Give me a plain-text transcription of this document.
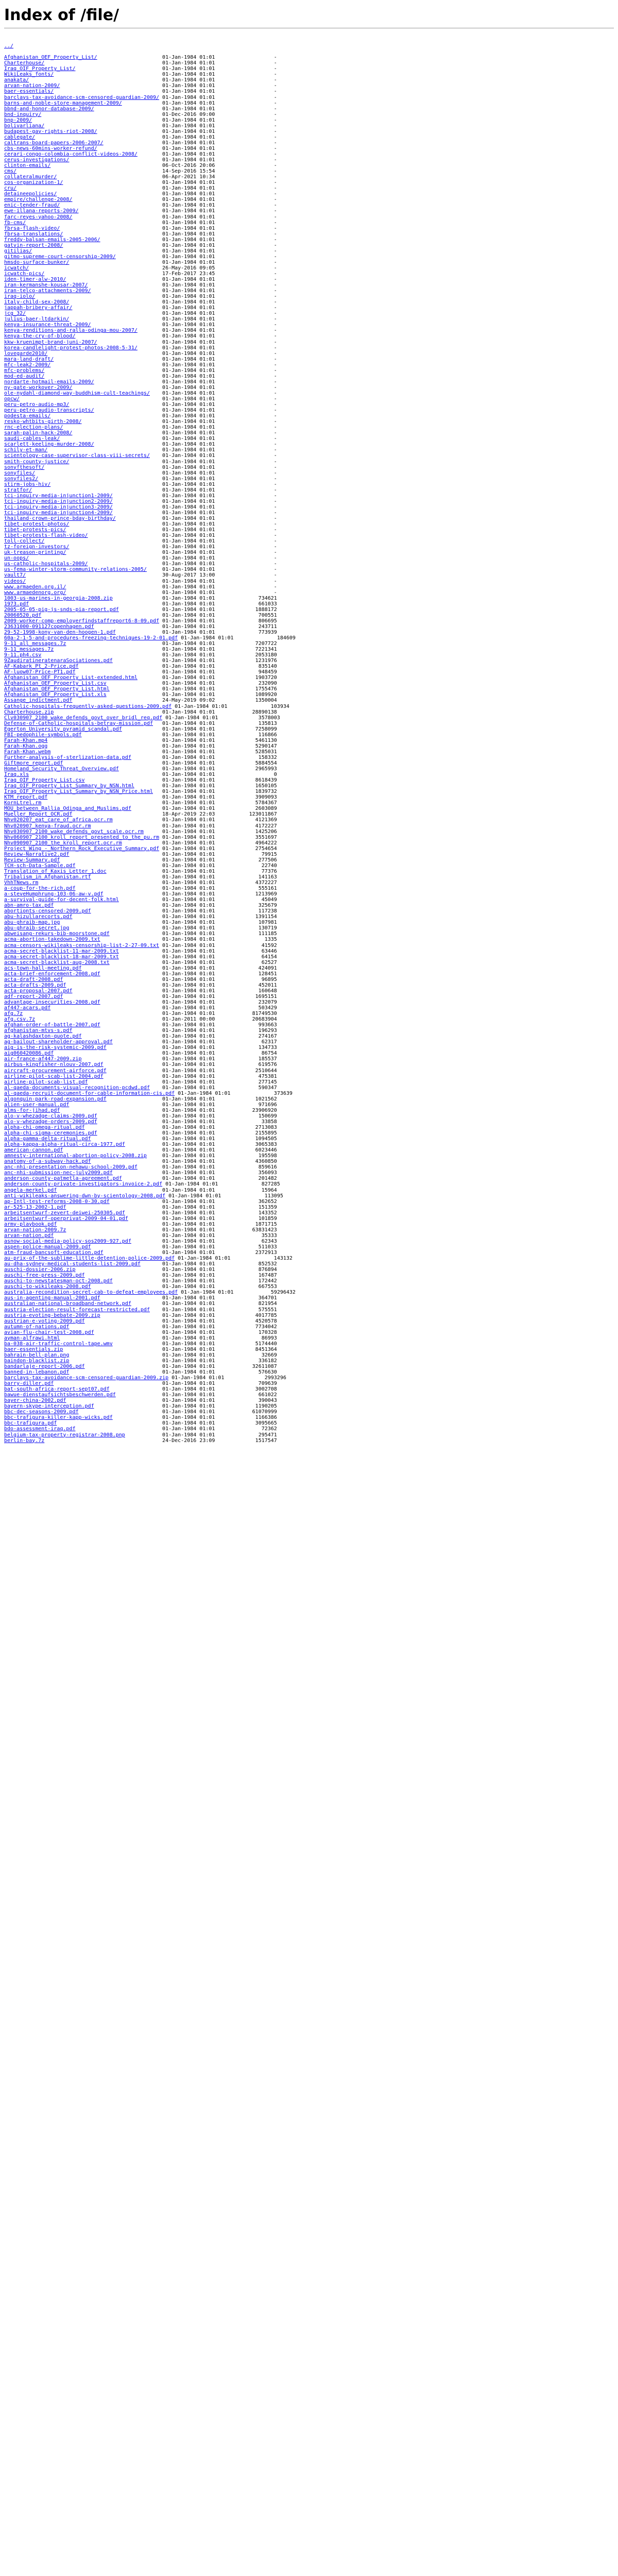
Index of /file/

../

Afghanistan_OEF_Property_List/                     01-Jan-1984 01:01                   -
Charterhouse/                                      01-Jan-1984 01:01                   -
Iraq_OIF_Property_List/                            01-Jan-1984 01:01                   -
WikiLeaks_fonts/                                   01-Jan-1984 01:01                   -
anakata/                                           01-Jan-1984 01:01                   -
arvan-nation-2009/                                 01-Jan-1984 01:01                   -
baer-essentials/                                   01-Jan-1984 01:01                   -
barclays-tax-avoidance-scm-censored-guardian-2009/ 01-Jan-1984 01:01                   -
barns-and-noble-store-management-2009/             01-Jan-1984 01:01                   -
bbnd-and-honor-database-2009/                      01-Jan-1984 01:01                   -
bnd-inquiry/                                       01-Dec-2016 09:00                   -
bnp-2009/                                          01-Jan-1984 01:01                   -
bolivarliana/                                      01-Jan-1984 01:01                   -
budapest-gay-rights-riot-2008/                     01-Jan-1984 01:01                   -
cablegate/                                         01-Jan-1984 01:01                   -
caltrans-board-papers-2006-2007/                   01-Jan-1984 01:01                   -
cbs-news-60mins-worker-refund/                     01-Jan-1984 01:01                   -
cerari-congo-colombia-conflict-videos-2008/        01-Jan-1984 01:01                   -
cerus-investigations/                              01-Jan-1984 01:01                   -
clinton-emails/                                    06-Oct-2016 20:06                   -
cms/                                               14-Sep-2016 15:54                   -
collateralmurder/                                  06-Apr-2021 10:34                   -
cos-organization-1/                                01-Jan-1984 01:01                   -
cru/                                               01-Jan-1984 01:01                   -
detaineepolicies/                                  01-Jan-1984 01:01                   -
empire/challenge-2008/                             01-Jan-1984 01:01                   -
enic-tender-fraud/                                 01-Jan-1984 01:01                   -
ewe-illana-reports-2009/                           01-Jan-1984 01:01                   -
farc-reyes-yahoo-2008/                             01-Jan-1984 01:01                   -
fb-cms/                                            01-Jan-1984 01:01                   -
fbrsa-flash-video/                                 01-Jan-1984 01:01                   -
fbrsa-translations/                                01-Jan-1984 01:01                   -
freddy-balsan-emails-2005-2006/                    01-Jan-1984 01:01                   -
gatvin-report-2008/                                01-Jan-1984 01:01                   -
gitilias/                                          01-Jan-1984 01:01                   -
gitmo-supreme-court-censorship-2009/               01-Jan-1984 01:01                   -
hmsdo-surface-bunker/                              01-Jan-1984 01:01                   -
icwatch/                                           26-May-2016 09:05                   -
icwatch-pics/                                      17-Feb-2017 23:45                   -
iden-timer-alw-2010/                               01-Jan-1984 01:01                   -
iran-kermanshe-kousar-2007/                        01-Jan-1984 01:01                   -
iran-telco-attachments-2009/                       01-Jan-1984 01:01                   -
iraq-iolo/                                         01-Jan-1984 01:01                   -
italy-child-sex-2008/                              01-Jan-1984 01:01                   -
jappah-bribery-affair/                             01-Jan-1984 01:01                   -
jcg_32/                                            01-Jan-1984 01:01                   -
julius-baer-ltdarkin/                              01-Jan-1984 01:01                   -
kenya-insurance-threat-2009/                       01-Jan-1984 01:01                   -
kenya-renditions-and-ralla-odinga-mou-2007/        01-Jan-1984 01:01                   -
kenya-the-cry-of-blood/                            01-Jan-1984 01:01                   -
kkw-kruenimpt-brand-juni-2007/                     01-Jan-1984 01:01                   -
korea-candlelight-protest-photos-2008-5-31/        01-Jan-1984 01:01                   -
lovegarde2010/                                     01-Jan-1984 01:01                   -
mara-land-draft/                                   01-Jan-1984 01:01                   -
mfc-leak2-2009/                                    01-Jan-1984 01:01                   -
mfc-problems/                                      01-Jan-1984 01:01                   -
mod-ed-audit/                                      01-Jan-1984 01:01                   -
nordarte-hotmail-emails-2009/                      01-Jan-1984 01:01                   -
ny-gate-workover-2009/                             01-Jan-1984 01:01                   -
ole-nydahl-diamond-way-buddhism-cult-teachings/    01-Jan-1984 01:01                   -
opcw/                                              01-Jan-1984 01:01                   -
peru-petro-audio-mp3/                              01-Jan-1984 01:01                   -
peru-petro-audio-transcripts/                      01-Jan-1984 01:01                   -
podesta-emails/                                    01-Jan-1984 01:01                   -
resko-whtbits-girth-2008/                          01-Jan-1984 01:01                   -
rnc-election-plans/                                01-Jan-1984 01:01                   -
sarah-palin-hack-2008/                             01-Jan-1984 01:01                   -
saudi-cables-leak/                                 01-Jan-1984 01:01                   -
scarlett-keeling-murder-2008/                      01-Jan-1984 01:01                   -
schily-et-man/                                     01-Jan-1984 01:01                   -
scientology-case-supervisor-class-viii-secrets/    01-Jan-1984 01:01                   -
smith-county-justice/                              01-Jan-1984 01:01                   -
sonyfthesoft/                                      01-Jan-1984 01:01                   -
sonyfiles/                                         01-Jan-1984 01:01                   -
sonyfiles2/                                        01-Jan-1984 01:01                   -
stirm-jobs-hiv/                                    01-Jan-1984 01:01                   -
stratfor/                                          01-Jan-1984 01:01                   -
tci-inquiry-media-injunction1-2009/                01-Jan-1984 01:01                   -
tci-inquiry-media-injunction2-2009/                01-Jan-1984 01:01                   -
tci-inquiry-media-injunction3-2009/                01-Jan-1984 01:01                   -
tci-inquiry-media-injunction4-2009/                01-Jan-1984 01:01                   -
thailand-crown-prince-bday-birthday/               01-Jan-1984 01:01                   -
tibet-protest-photos/                              01-Jan-1984 01:01                   -
tibet-protests-pics/                               01-Jan-1984 01:01                   -
tibet-protests-flash-video/                        01-Jan-1984 01:01                   -
toll-collect/                                      01-Jan-1984 01:01                   -
tz-foreign-investors/                              01-Jan-1984 01:01                   -
uk-treason-printing/                               01-Jan-1984 01:01                   -
un-oops/                                           01-Jan-1984 01:01                   -
us-catholic-hospitals-2009/                        01-Jan-1984 01:01                   -
us-fema-winter-storm-community-relations-2005/     01-Jan-1984 01:01                   -
vault7/                                            30-Aug-2017 13:00                   -
videos/                                            01-Jan-1984 01:01                   -
www.armaeden.org.il/                               01-Jan-1984 01:01                   -
www.armaedenorg.org/                               01-Jan-1984 01:01                   -
1003-us-marines-in-georgia-2008.zip                01-Jan-1984 01:01              734621
1973.pdf                                           01-Jan-1984 01:01              661033
2005-05-05-pig-js-snds-pia-report.pdf              01-Jan-1984 01:01             1888172
20060520.pdf                                       01-Jan-1984 01:01              700551
2009-worker-comp-employerfindstaffreport6-8-09.pdf 01-Jan-1984 01:01              806695
23631000-091127copenhagen.pdf                      01-Jan-1984 01:01              243711
29-52-1998-kony-van-den-hoogen-1.pdf               01-Jan-1984 01:01              773939
60a-2-1-5-and-procedures-freezing-techniques-19-2-01.pdf 01-Jan-1984 01:01              184609
9-11_all_messages.7z                               01-Jan-1984 01:01             7207722
9-11_messages.7z                                   01-Jan-1984 01:01             7221341
9-11.ph4.csv                                       01-Jan-1984 01:01             2053180
9ZaudiratineratenaraSociationes.pdf                01-Jan-1984 01:01             1231976
AF-Kabark_Pt_2-Price.pdf                           01-Jan-1984 01:01              835140
AF-luow07-Price-PT1.pdf                            01-Jan-1984 01:01              948459
Afghanistan_OEF_Property_List-extended.html        01-Jan-1984 01:01             1903720
Afghanistan_OEF_Property_List.csv                  01-Jan-1984 01:01              232090
Afghanistan_OEF_Property_List.html                 01-Jan-1984 01:01             1755476
Afghanistan_OEF_Property_List.xls                  01-Jan-1984 01:01             1089920
Assange_indictment.pdf                             24-May-2019 09:02             1350004
Catholic-hospitals-frequently-asked-questions-2009.pdf 01-Jan-1984 01:01              103934
Charterhouse.zip                                   01-Jan-1984 01:01            28890138
Clv030907_2100_wake_defends_govt_over_bridl_req.pdf 01-Jan-1984 01:01             3578003
Defense-of-Catholic-hospitals-betray-mission.pdf   01-Jan-1984 01:01              135813
Egerton_University_pyramid_scandal.pdf             01-Jan-1984 01:01             7258099
FBI-pedophile-symbols.pdf                          01-Jan-1984 01:01              116866
Farah-Khan.mp4                                     01-Jan-1984 01:01             5461130
Farah-Khan.ogg                                     01-Jan-1984 01:01             5290147
Farah-Khan.webm                                    01-Jan-1984 01:01             5285031
Further-analysis-of-sterlization-data.pdf          01-Jan-1984 01:01              158332
Giftmore_report.pdf                                01-Jan-1984 01:01             5884554
Homeland_Security_Threat_Overview.pdf              01-Jan-1984 01:01             2965993
Iraq.xls                                           01-Jan-1984 01:01                   0
Iraq_OIF_Property_List.csv                         01-Jan-1984 01:01             8618439
Iraq_OIF_Property_List_Summary_by_NSN.html         01-Jan-1984 01:01             1650105
Iraq_OIF_Property_List_Summary_by_NSN_Price.html   01-Jan-1984 01:01             1839732
KTM_report.pdf                                     01-Jan-1984 01:01             3909093
KornLtrel.rm                                       01-Jan-1984 01:01             5784367
MOU_between_Rallia_Odinga_and_Muslims.pdf          01-Jan-1984 01:01             2603089
Mueller_Report_OCR.pdf                             18-Apr-2019 22:03           123011867
Nhv020207_eat_care_of_africa.ocr.rm                01-Jan-1984 01:01             4121369
Nhv020907_kenya-fraud.ocr.rm                       01-Jan-1984 01:01             4172227
Nhv030907_2100_wake_defends_govt_scale.ocr.rm      01-Jan-1984 01:01             1425206
Nhv060907_2100_kroll_report_presented_to_the_pu.rm 01-Jan-1984 01:01             3551697
Nhv090907_2100_the_kroll_report.ocr.rm             01-Jan-1984 01:01             4964222
Project_Wing_-_Northern_Rock_Executive_Summary.pdf 01-Jan-1984 01:01             2754654
Review-Narrative2.pdf                              01-Jan-1984 01:01               79915
Review-Summary.pdf                                 01-Jan-1984 01:01              277506
TCH-sch-Data-Sample.pdf                            01-Jan-1984 01:01               22740
Translation_of_Kaxis_Letter_1.doc                  01-Jan-1984 01:01               77376
Tribalism_in_Afghanistan.rtf                       01-Jan-1984 01:01              141163
VhhTNews.rm                                        01-Jan-1984 01:01             4372227
a-coup-for-the-rich.pdf                            01-Jan-1984 01:01              555161
a-steveHumphrung-103-06-aw-v.pdf                   01-Jan-1984 01:01             1213969
a-survival-guide-for-decent-folk.html              01-Jan-1984 01:01               45049
abn-amro-tax.pdf                                   01-Jan-1984 01:01              325679
abortionts-censored-2009.pdf                       01-Jan-1984 01:01              117238
abu-hizullarecorts.pdf                             01-Jan-1984 01:01             1391154
abu-ghraib-map.jpg                                 01-Jan-1984 01:01              107981
abu-ghraib-secret.jpg                              01-Jan-1984 01:01              130719
abweisang-rekurs-bib-moorstone.pdf                 01-Jan-1984 01:01              111185
acma-abortion-takedown-2009.txt                    01-Jan-1984 01:01                1335
acma-censors-wikileaks-censorship-list-2-27-09.txt 01-Jan-1984 01:01               41592
acma-secret-blacklist-11-mar-2009.txt              01-Jan-1984 01:01               63446
acma-secret-blacklist-18-mar-2009.txt              01-Jan-1984 01:01               64154
acma-secret-blacklist-aug-2008.txt                 01-Jan-1984 01:01               62527
acs-town-hall-meeting.pdf                          01-Jan-1984 01:01              424091
acta-brief-enforcement-2008.pdf                    01-Jan-1984 01:01              128451
acta-draft-2008.pdf                                01-Jan-1984 01:01               96895
acta-drafts-2009.pdf                               01-Jan-1984 01:01              452011
acta-proposal-2007.pdf                             01-Jan-1984 01:01              160648
adf-report-2007.pdf                                01-Jan-1984 01:01             1695151
advantage-insecurities-2008.pdf                    01-Jan-1984 01:01              232079
af447-acars.pdf                                    01-Jan-1984 01:01              503429
afg.7z                                             01-Jan-1984 01:01            81749530
afg.csv.7z                                         01-Jan-2011 00:00            20683904
afghan-order-of-battle-2007.pdf                    01-Jan-1984 01:01              993663
afghanistan-mtvs-s.pdf                             01-Jan-1984 01:01              196293
ag-kalashdaxton-quote.pdf                          01-Jan-1984 01:01              274167
ag-bailout-shareholder-approval.pdf                01-Jan-1984 01:01               62317
aig-is-the-risk-systemic-2009.pdf                  01-Jan-1984 01:01              134733
aig060420086.pdf                                   01-Jan-1984 01:01               86754
air-france-af447-2009.zip                          01-Jan-1984 01:01              185537
airbus-kingfisher-nlouv-2007.pdf                   01-Jan-1984 01:01              619576
aircraft-procurement-airforce.pdf                  01-Jan-1984 01:01             2510644
airline-pilot-scab-list-2004.pdf                   01-Jan-1984 01:01              475381
airline-pilot-scab-list.pdf                        01-Jan-1984 01:01              277145
al-qaeda-documents-visual-recognition-pcdwd.pdf    01-Jan-1984 01:01              590347
al-qaeda-recruit-document-for-cable-information-cis.pdf 01-Jan-1984 01:01              373639
algonquin-park-road-expansion.pdf                  01-Jan-1984 01:01             1021562
alien-user-manual.pdf                              01-Jan-1984 01:01              971696
alms-for-jihad.pdf                                 01-Jan-1984 01:01            23906920
alo-v-whezadge-claims-2009.pdf                     01-Jan-1984 01:01              150699
alo-v-whezadge-orders-2009.pdf                     01-Jan-1984 01:01               33858
alpha-chi-omega-ritual.pdf                         01-Jan-1984 01:01             2713083
alpha-chi-sigma-ceremonies.pdf                     01-Jan-1984 01:01             2155895
alpha-gamma-delta-ritual.pdf                       01-Jan-1984 01:01             1094505
alpha-kappa-alpha-ritual-circa-1977.pdf            01-Jan-1984 01:01             3065383
american-cannon.pdf                                01-Jan-1984 01:01             6023446
amnesty-international-abortion-policy-2008.zip     01-Jan-1984 01:01              195598
anatomy-of-a-subway-hack.pdf                       01-Jan-1984 01:01             4360850
anc-nhi-presentation-nehawu-school-2009.pdf        01-Jan-1984 01:01              859616
anc-nhi-submission-nec-july2009.pdf                01-Jan-1984 01:01              356093
anderson-county-patmetla-agreement.pdf             01-Jan-1984 01:01              201482
anderson-county-private-investigators-invoice-2.pdf 01-Jan-1984 01:01              827285
angela-merkel.pdf                                  01-Jan-1984 01:01               15964
anti-wikileaks-answering-dwn-by-scientology-2008.pdf 01-Jan-1984 01:01              113095
ap-Intl-test-reforms-2008-0-30.pdf                 01-Jan-1984 01:01              362652
ar-525-13-2002-1.pdf                               01-Jan-1984 01:01              151359
arbeitsentwurf-zevert-deiwei-250305.pdf            01-Jan-1984 01:01              143352
arbeitsentwurf-operprivat-2009-04-01.pdf           01-Jan-1984 01:01              101859
army-playbook.pdf                                  01-Jan-1984 01:01             1871715
arvan-nation-2009.7z                               01-Jan-1984 01:01            63831423
arvan-nation.pdf                                   01-Jan-1984 01:01               35333
asnow-social-media-policy-sos2009-927.pdf          01-Jan-1984 01:01               62343
aspen-police-manual-2009.pdf                       01-Jan-1984 01:01              511033
atm-fraud-bancsoft-education.pdf                   01-Jan-1984 01:01             2372913
au-prix-of-the-sublime-little-detention-police-2009.pdf 01-Jan-1984 01:01              143132
au-dha-sydney-medical-students-list-2009.pdf       01-Jan-1984 01:01              852532
auschi-dossier-2006.zip                            01-Jan-1984 01:01              876894
auschi-free-press-2009.pdf                         01-Jan-1984 01:01              167487
auschi-to-newstatesman-oct-2008.pdf                01-Jan-1984 01:01              172442
auschi-to-wikileaks-2008.pdf                       01-Jan-1984 01:01              667553
australia-recondition-secret-cab-to-defeat-employees.pdf 01-Jan-1984 01:01            59296432
aus-in-agenting-manual-2001.pdf                    01-Jan-1984 01:01              364701
australian-national-broadband-network.pdf          01-Jan-1984 01:01              821954
austria-election-result-forecast-restricted.pdf    01-Jan-1984 01:01              575551
austria-evoting-bebate-2009.zip                    01-Jan-1984 01:01             4017785
austrian-e-voting-2009.pdf                         01-Jan-1984 01:01             4520578
autumn-of-nations.pdf                              01-Jan-1984 01:01             7734042
avian-flu-chair-test-2008.pdf                      01-Jan-1984 01:01              170328
ayman-alfrawi.html                                 01-Jan-1984 01:01               86993
ba-038-air-traffic-control-tape.wmv                01-Jan-1984 01:01             5174440
baer-essentials.zip                                01-Jan-1984 01:01             8451364
bahrain-bell-plan.png                              01-Jan-1984 01:01               32669
baindon-blacklist.zip                              01-Jan-1984 01:01              336182
bandarlaje-report-2006.pdf                         01-Jan-1984 01:01            32611087
banned-in-lebanon.pdf                              01-Jan-1984 01:01              576630
barclays-tax-avoidance-scm-censored-guardian-2009.zip 01-Jan-1984 01:01             2993296
barry-diller.pdf                                   01-Jan-1984 01:01              709639
bat-south-africa-report-sept07.pdf                 01-Jan-1984 01:01             3002708
bawue-dienstaufsichtsbeschwerden.pdf               01-Jan-1984 01:01              661022
bayer-china-2002.pdf                               01-Jan-1984 01:01              390043
bayern-skype-interception.pdf                      01-Jan-1984 01:01             1190205
bbc-dec-seasons-2009.pdf                           01-Jan-1984 01:01            61070999
bbc-trafigura-killer-kapp-wicks.pdf                01-Jan-1984 01:01             1166386
bbc-trafigura.pdf                                  01-Jan-1984 01:01             3095665
bdo-assessment-iraq.pdf                            01-Jan-1984 01:01               72362
belgium-tax-property-registrar-2008.pnp            01-Jan-1984 01:01              295471
berlin-bay.7z                                      24-Dec-2016 23:09             1517547
